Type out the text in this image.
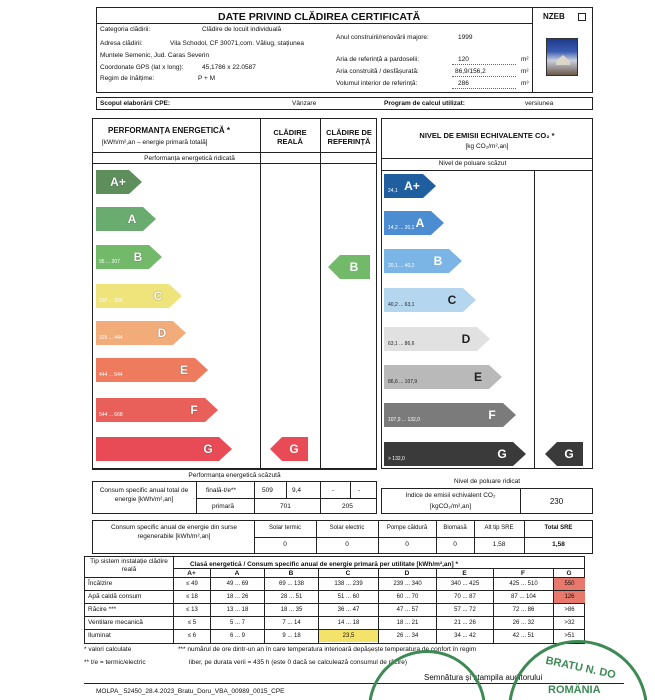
DATE PRIVIND CLĂDIREA CERTIFICATĂ	NZEB
Categoria clădirii:	Clădire de locuit individuală
Adresa clădirii:	Vila Schodol, CF 30071,com. Văliug, stațiunea
Muntele Semenic, Jud. Caras Severin
Coordonate GPS (lat x long):	45,1786 x 22.0587
Regim de înălțime:	P + M
Anul construirii/renovării majore:	1999
Aria de referință a pardoselii:	120	m²
Aria construită / desfășurată:	86,9/156,2	m²
Volumul interior de referință:	286	m³
Scopul elaborării CPE:	Vânzare	Program de calcul utilizat:	versiunea
PERFORMANȚA ENERGETICĂ *
[kWh/m²,an – energie primară totală]
CLĂDIRE REALĂ
CLĂDIRE DE REFERINȚĂ
Performanța energetică ridicată
A+
A
B
95 ... 207
C
207 ... 325
D
325 ... 444
E
444 ... 544
F
544 ... 668
G	G
B
NIVEL DE EMISII ECHIVALENTE CO₂ *
[kg CO₂/m²,an]
Nivel de poluare scăzut
A+
24,1
A
14,2 ... 20,1
B
20,1 ... 40,2
C
40,2 ... 63,1
D
63,1 ... 86,6
E
86,6 ... 107,9
F
107,9 ... 132,0
G
> 132,0	G
Performanța energetică scăzută
Nivel de poluare ridicat
Consum specific anual total de energie [kWh/m²,an]
finală-t/e**	509	9,4	-	-
primară	701	205
Indice de emisii echivalent CO₂
[kgCO₂/m²,an]
230
Consum specific anual de energie din surse regenerabile [kWh/m²,an]
Solar termic
0
Solar electric
0
Pompe căldură
0
Biomasă
0
Alt tip SRE
1,58
Total SRE
1,58
Tip sistem instalație clădire reală
Clasă energetică / Consum specific anual de energie primară per utilitate [kWh/m²,an] *
A+	A	B	C	D	E	F	G
Încălzire	≤ 49	49 ... 69	69 ... 138	138 ... 239	239 ... 340	340 ... 425	425 ... 510	550
Apă caldă consum	≤ 18	18 ... 26	28 ... 51	51 ... 60	60 ... 70	70 ... 87	87 ... 104	126
Răcire ***	≤ 13	13 ... 18	18 ... 35	36 ... 47	47 ... 57	57 ... 72	72 ... 86	>86
Ventilare mecanică	≤ 5	5 ... 7	7 ... 14	14 ... 18	18 ... 21	21 ... 26	26 ... 32	>32
Iluminat	≤ 6	6 ... 9	9 ... 18	23,5	26 ... 34	34 ... 42	42 ... 51	>51
* valori calculate
** t/e = termic/electric
*** numărul de ore dintr-un an în care temperatura interioară depășește temperatura de confort în regim
liber, pe durata verii = 435 h (este 0 dacă se calculează consumul de răcire)
Semnătura și ștampila auditorului
MOLPA_ 52450_28.4.2023_Bratu_Doru_VBA_00989_0015_CPE
BRATU N. DO
ROMÂNIA
